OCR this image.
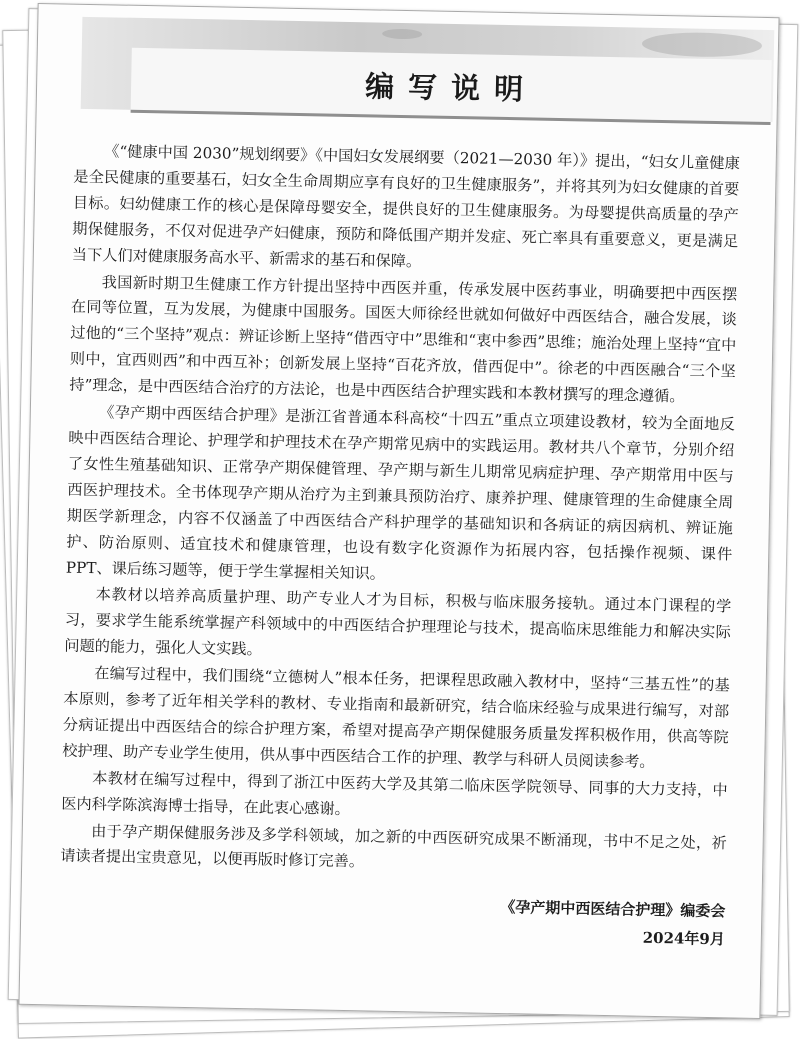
编写说明

《“健康中国 2030”规划纲要》《中国妇女发展纲要（2021—2030 年）》提出，“妇女儿童健康是全民健康的重要基石，妇女全生命周期应享有良好的卫生健康服务”，并将其列为妇女健康的首要目标。妇幼健康工作的核心是保障母婴安全，提供良好的卫生健康服务。为母婴提供高质量的孕产期保健服务，不仅对促进孕产妇健康，预防和降低围产期并发症、死亡率具有重要意义，更是满足当下人们对健康服务高水平、新需求的基石和保障。

我国新时期卫生健康工作方针提出坚持中西医并重，传承发展中医药事业，明确要把中西医摆在同等位置，互为发展，为健康中国服务。国医大师徐经世就如何做好中西医结合，融合发展，谈过他的“三个坚持”观点：辨证诊断上坚持“借西守中”思维和“衷中参西”思维；施治处理上坚持“宜中则中，宜西则西”和中西互补；创新发展上坚持“百花齐放，借西促中”。徐老的中西医融合“三个坚持”理念，是中西医结合治疗的方法论，也是中西医结合护理实践和本教材撰写的理念遵循。

《孕产期中西医结合护理》是浙江省普通本科高校“十四五”重点立项建设教材，较为全面地反映中西医结合理论、护理学和护理技术在孕产期常见病中的实践运用。教材共八个章节，分别介绍了女性生殖基础知识、正常孕产期保健管理、孕产期与新生儿期常见病症护理、孕产期常用中医与西医护理技术。全书体现孕产期从治疗为主到兼具预防治疗、康养护理、健康管理的生命健康全周期医学新理念，内容不仅涵盖了中西医结合产科护理学的基础知识和各病证的病因病机、辨证施护、防治原则、适宜技术和健康管理，也设有数字化资源作为拓展内容，包括操作视频、课件 PPT、课后练习题等，便于学生掌握相关知识。

本教材以培养高质量护理、助产专业人才为目标，积极与临床服务接轨。通过本门课程的学习，要求学生能系统掌握产科领域中的中西医结合护理理论与技术，提高临床思维能力和解决实际问题的能力，强化人文实践。

在编写过程中，我们围绕“立德树人”根本任务，把课程思政融入教材中，坚持“三基五性”的基本原则，参考了近年相关学科的教材、专业指南和最新研究，结合临床经验与成果进行编写，对部分病证提出中西医结合的综合护理方案，希望对提高孕产期保健服务质量发挥积极作用，供高等院校护理、助产专业学生使用，供从事中西医结合工作的护理、教学与科研人员阅读参考。

本教材在编写过程中，得到了浙江中医药大学及其第二临床医学院领导、同事的大力支持，中医内科学陈滨海博士指导，在此衷心感谢。

由于孕产期保健服务涉及多学科领域，加之新的中西医研究成果不断涌现，书中不足之处，祈请读者提出宝贵意见，以便再版时修订完善。

《孕产期中西医结合护理》编委会
2024年9月
